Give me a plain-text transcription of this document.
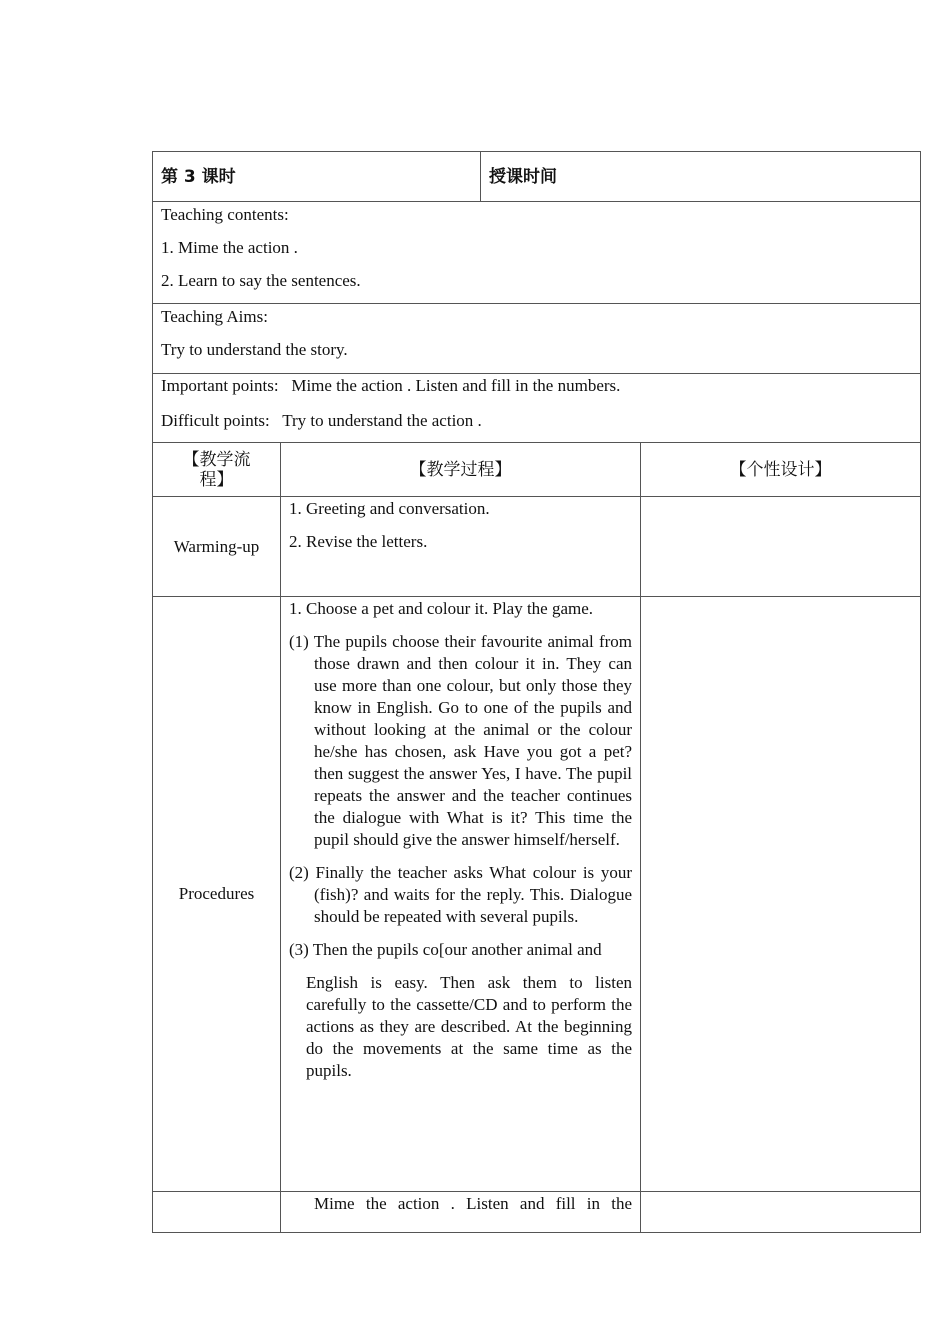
第 3 课时		授课时间	

Teaching contents:

1. Mime the action .

2. Learn to say the sentences.			

Teaching Aims:

Try to understand the story.			

Important points: Mime the action . Listen and fill in the numbers.

Difficult points: Try to understand the action .			

【教学流程】	【教学过程】		【个性设计】
Warming-up	1. Greeting and conversation.

2. Revise the letters.		

Procedures	1. Choose a pet and colour it. Play the game.

(1) The pupils choose their favourite animal from those drawn and then colour it in. They can use more than one colour, but only those they know in English. Go to one of the pupils and without looking at the animal or the colour he/she has chosen, ask Have you got a pet? then suggest the answer Yes, I have. The pupil repeats the answer and the teacher continues the dialogue with What is it? This time the pupil should give the answer himself/herself.

(2) Finally the teacher asks What colour is your (fish)? and waits for the reply. This. Dialogue should be repeated with several pupils.

(3) Then the pupils co[our another animal and

English is easy. Then ask them to listen carefully to the cassette/CD and to perform the actions as they are described. At the beginning do the movements at the same time as the pupils.		

	Mime the action . Listen and fill in the		
